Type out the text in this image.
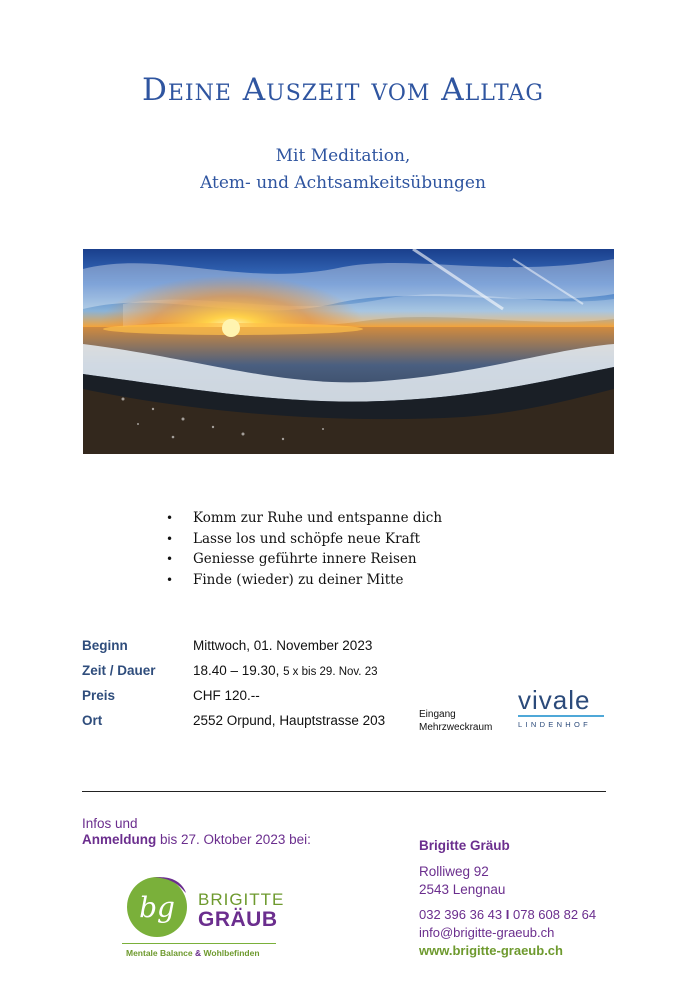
Deine Auszeit vom Alltag
Mit Meditation,
Atem- und Achtsamkeitsübungen
•	Komm zur Ruhe und entspanne dich
•	Lasse los und schöpfe neue Kraft
•	Geniesse geführte innere Reisen
•	Finde (wieder) zu deiner Mitte
Beginn	Mittwoch, 01. November 2023
Zeit / Dauer	18.40 – 19.30, 5 x bis 29. Nov. 23
Preis	CHF 120.--
Ort	2552 Orpund, Hauptstrasse 203	Eingang
Mehrzweckraum
vivale
LINDENHOF
Infos und
Anmeldung bis 27. Oktober 2023 bei:
bg BRIGITTE
GRÄUB
Mentale Balance & Wohlbefinden
Brigitte Gräub
Rolliweg 92
2543 Lengnau
032 396 36 43 I 078 608 82 64
info@brigitte-graeub.ch
www.brigitte-graeub.ch
